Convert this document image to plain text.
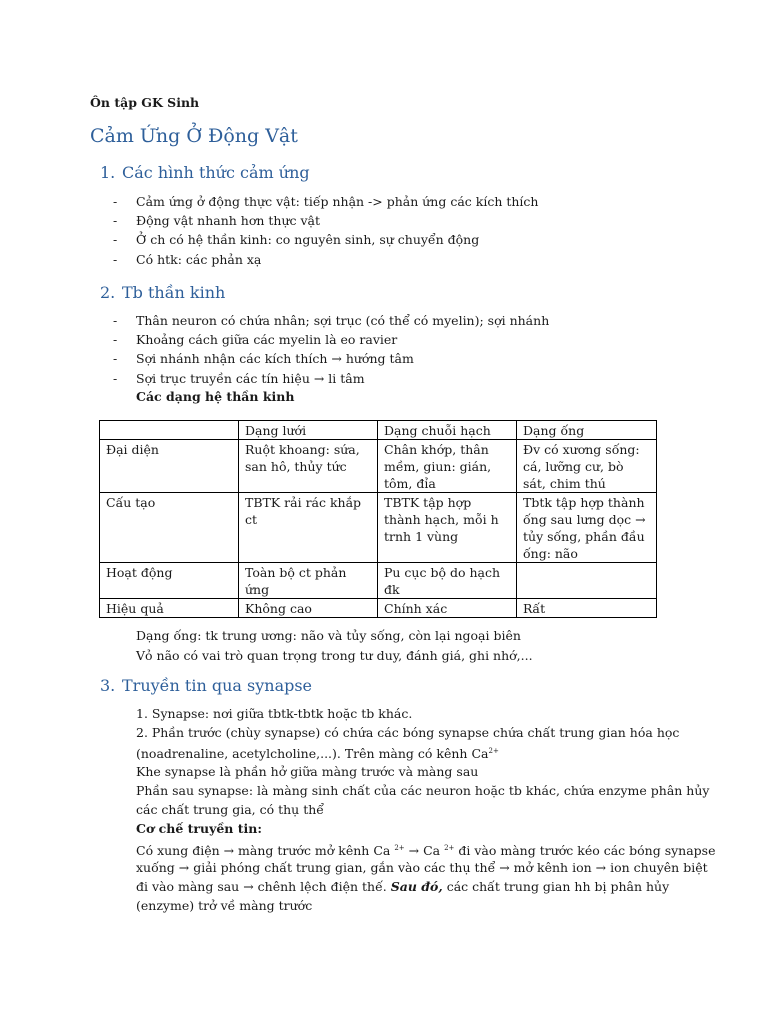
Ôn tập GK Sinh
Cảm Ứng Ở Động Vật
1. Các hình thức cảm ứng
- Cảm ứng ở động thực vật: tiếp nhận -> phản ứng các kích thích
- Động vật nhanh hơn thực vật
- Ở ch có hệ thần kinh: co nguyên sinh, sự chuyển động
- Có htk: các phản xạ
2. Tb thần kinh
- Thân neuron có chứa nhân; sợi trục (có thể có myelin); sợi nhánh
- Khoảng cách giữa các myelin là eo ravier
- Sợi nhánh nhận các kích thích → hướng tâm
- Sợi trục truyền các tín hiệu → li tâm
Các dạng hệ thần kinh
	Dạng lưới	Dạng chuỗi hạch	Dạng ống
Đại diện	Ruột khoang: sứa, san hô, thủy tức	Chân khớp, thân mềm, giun: gián, tôm, đỉa	Đv có xương sống: cá, lưỡng cư, bò sát, chim thú
Cấu tạo	TBTK rải rác khắp ct	TBTK tập hợp thành hạch, mỗi h trnh 1 vùng	Tbtk tập hợp thành ống sau lưng dọc → tủy sống, phần đầu ống: não
Hoạt động	Toàn bộ ct phản ứng	Pu cục bộ do hạch đk	
Hiệu quả	Không cao	Chính xác	Rất
Dạng ống: tk trung ương: não và tủy sống, còn lại ngoại biên
Vỏ não có vai trò quan trọng trong tư duy, đánh giá, ghi nhớ,...
3. Truyền tin qua synapse
1. Synapse: nơi giữa tbtk-tbtk hoặc tb khác.
2. Phần trước (chùy synapse) có chứa các bóng synapse chứa chất trung gian hóa học
(noadrenaline, acetylcholine,...). Trên màng có kênh $Ca^{2+}$
Khe synapse là phần hở giữa màng trước và màng sau
Phần sau synapse: là màng sinh chất của các neuron hoặc tb khác, chứa enzyme phân hủy
các chất trung gia, có thụ thể
Cơ chế truyền tin:
Có xung điện → màng trước mở kênh Ca $^{2+}$ → Ca $^{2+}$ đi vào màng trước kéo các bóng synapse
xuống → giải phóng chất trung gian, gắn vào các thụ thể → mở kênh ion → ion chuyên biệt
đi vào màng sau → chênh lệch điện thế. Sau đó, các chất trung gian hh bị phân hủy
(enzyme) trở về màng trước
